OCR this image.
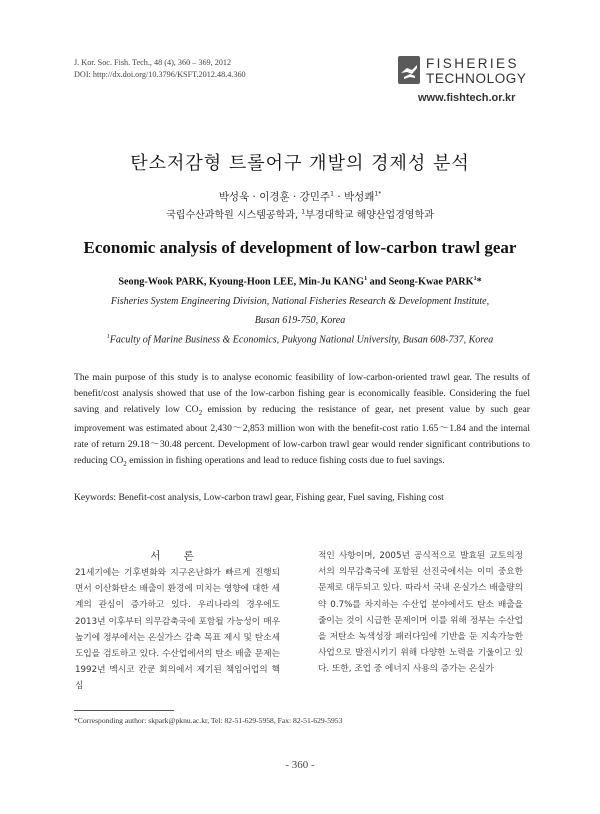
J. Kor. Soc. Fish. Tech., 48 (4), 360 – 369, 2012
DOI: http://dx.doi.org/10.3796/KSFT.2012.48.4.360
FISHERIES
TECHNOLOGY
www.fishtech.or.kr
탄소저감형 트롤어구 개발의 경제성 분석
박성욱 · 이경훈 · 강민주$^1$ · 박성쾌$^{1*}$
국립수산과학원 시스템공학과, $^1$부경대학교 해양산업경영학과
Economic analysis of development of low-carbon trawl gear
Seong-Wook PARK, Kyoung-Hoon LEE, Min-Ju KANG$^1$ and Seong-Kwae PARK$^1$*
Fisheries System Engineering Division, National Fisheries Research & Development Institute,
Busan 619-750, Korea
$^1$Faculty of Marine Business & Economics, Pukyong National University, Busan 608-737, Korea

The main purpose of this study is to analyse economic feasibility of low-carbon-oriented trawl gear. The results of benefit/cost analysis showed that use of the low-carbon fishing gear is economically feasible. Considering the fuel saving and relatively low $CO_2$ emission by reducing the resistance of gear, net present value by such gear improvement was estimated about 2,430～2,853 million won with the benefit-cost ratio 1.65～1.84 and the internal rate of return 29.18～30.48 percent. Development of low-carbon trawl gear would render significant contributions to reducing $CO_2$ emission in fishing operations and lead to reduce fishing costs due to fuel savings.

Keywords: Benefit-cost analysis, Low-carbon trawl gear, Fishing gear, Fuel saving, Fishing cost
서 론

21세기에는 기후변화와 지구온난화가 빠르게 진행되면서 이산화탄소 배출이 환경에 미치는 영향에 대한 세계의 관심이 증가하고 있다. 우리나라의 경우에도 2013년 이후부터 의무감축국에 포함될 가능성이 매우 높기에 정부에서는 온실가스 감축 목표 제시 및 탄소세 도입을 검토하고 있다. 수산업에서의 탄소 배출 문제는 1992년 멕시코 칸쿤 회의에서 제기된 책임어업의 핵심

적인 사항이며, 2005년 공식적으로 발효된 교토의정서의 의무감축국에 포함된 선진국에서는 이미 중요한 문제로 대두되고 있다. 따라서 국내 온실가스 배출량의 약 0.7%를 차지하는 수산업 분야에서도 탄소 배출을 줄이는 것이 시급한 문제이며 이를 위해 정부는 수산업을 저탄소 녹색성장 패러다임에 기반을 둔 지속가능한 사업으로 발전시키기 위해 다양한 노력을 기울이고 있다. 또한, 조업 중 에너지 사용의 증가는 온실가

*Corresponding author: skpark@pknu.ac.kr, Tel: 82-51-629-5958, Fax: 82-51-629-5953
- 360 -
